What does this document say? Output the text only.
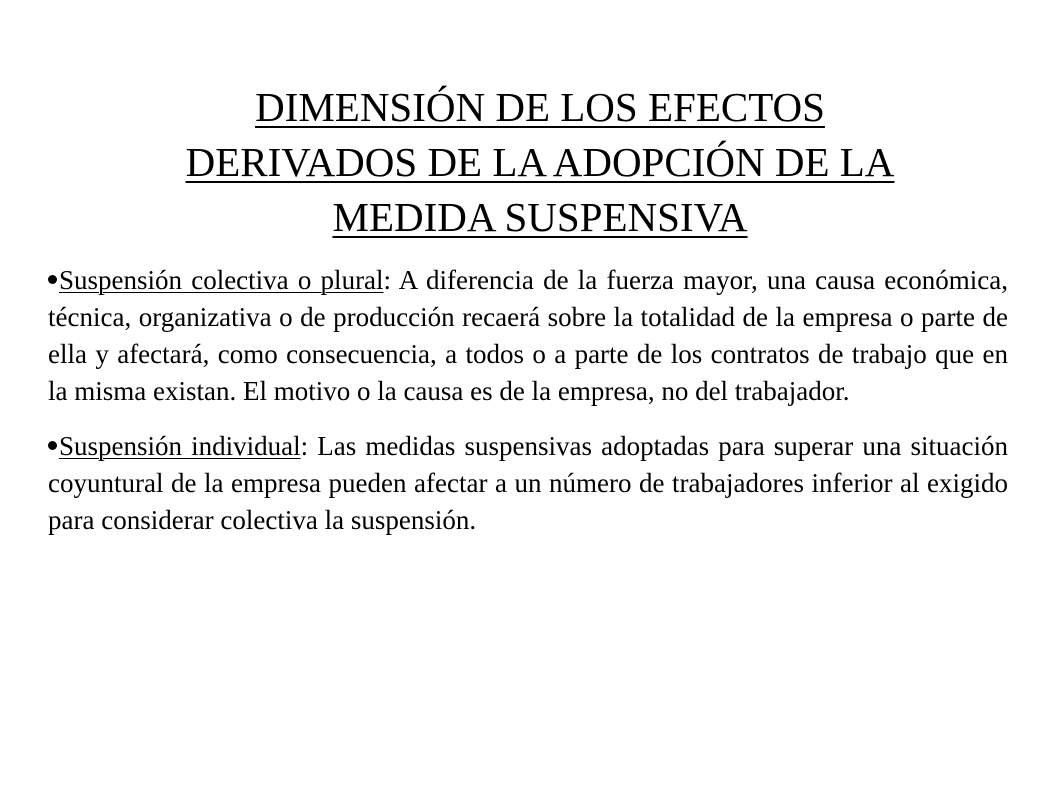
DIMENSIÓN DE LOS EFECTOS
DERIVADOS DE LA ADOPCIÓN DE LA
MEDIDA SUSPENSIVA
Suspensión colectiva o plural: A diferencia de la fuerza mayor, una causa económica, técnica, organizativa o de producción recaerá sobre la totalidad de la empresa o parte de ella y afectará, como consecuencia, a todos o a parte de los contratos de trabajo que en la misma existan. El motivo o la causa es de la empresa, no del trabajador.
Suspensión individual: Las medidas suspensivas adoptadas para superar una situación coyuntural de la empresa pueden afectar a un número de trabajadores inferior al exigido para considerar colectiva la suspensión.
